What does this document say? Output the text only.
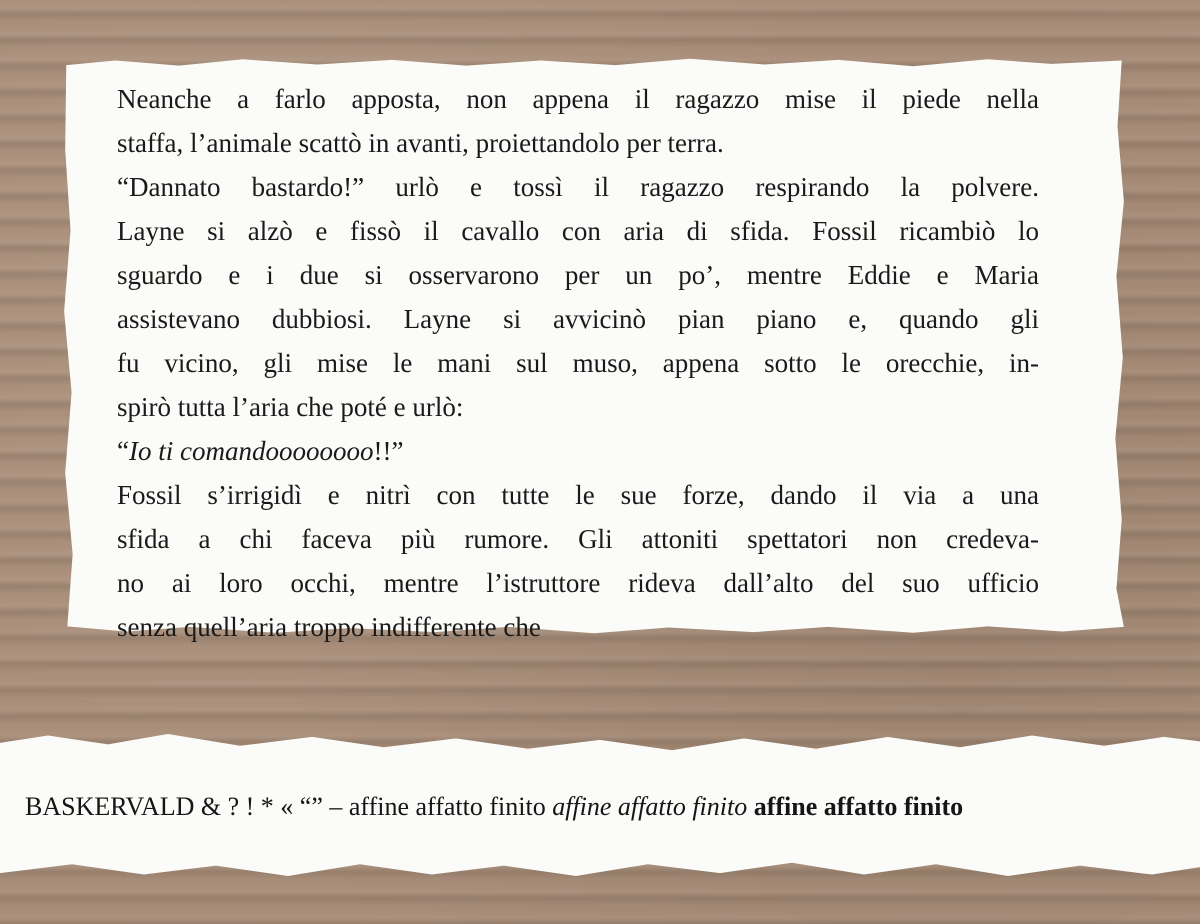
Neanche a farlo apposta, non appena il ragazzo mise il piede nella
staffa, l’animale scattò in avanti, proiettandolo per terra.
“Dannato bastardo!” urlò e tossì il ragazzo respirando la polvere.
Layne si alzò e fissò il cavallo con aria di sfida. Fossil ricambiò lo
sguardo e i due si osservarono per un po’, mentre Eddie e Maria
assistevano dubbiosi. Layne si avvicinò pian piano e, quando gli
fu vicino, gli mise le mani sul muso, appena sotto le orecchie, in-
spirò tutta l’aria che poté e urlò:
“Io ti comandoooooooo!!”
Fossil s’irrigidì e nitrì con tutte le sue forze, dando il via a una
sfida a chi faceva più rumore. Gli attoniti spettatori non credeva-
no ai loro occhi, mentre l’istruttore rideva dall’alto del suo ufficio
senza quell’aria troppo indifferente che
BASKERVALD & ? ! * « “” – affine affatto finito affine affatto finito affine affatto finito
